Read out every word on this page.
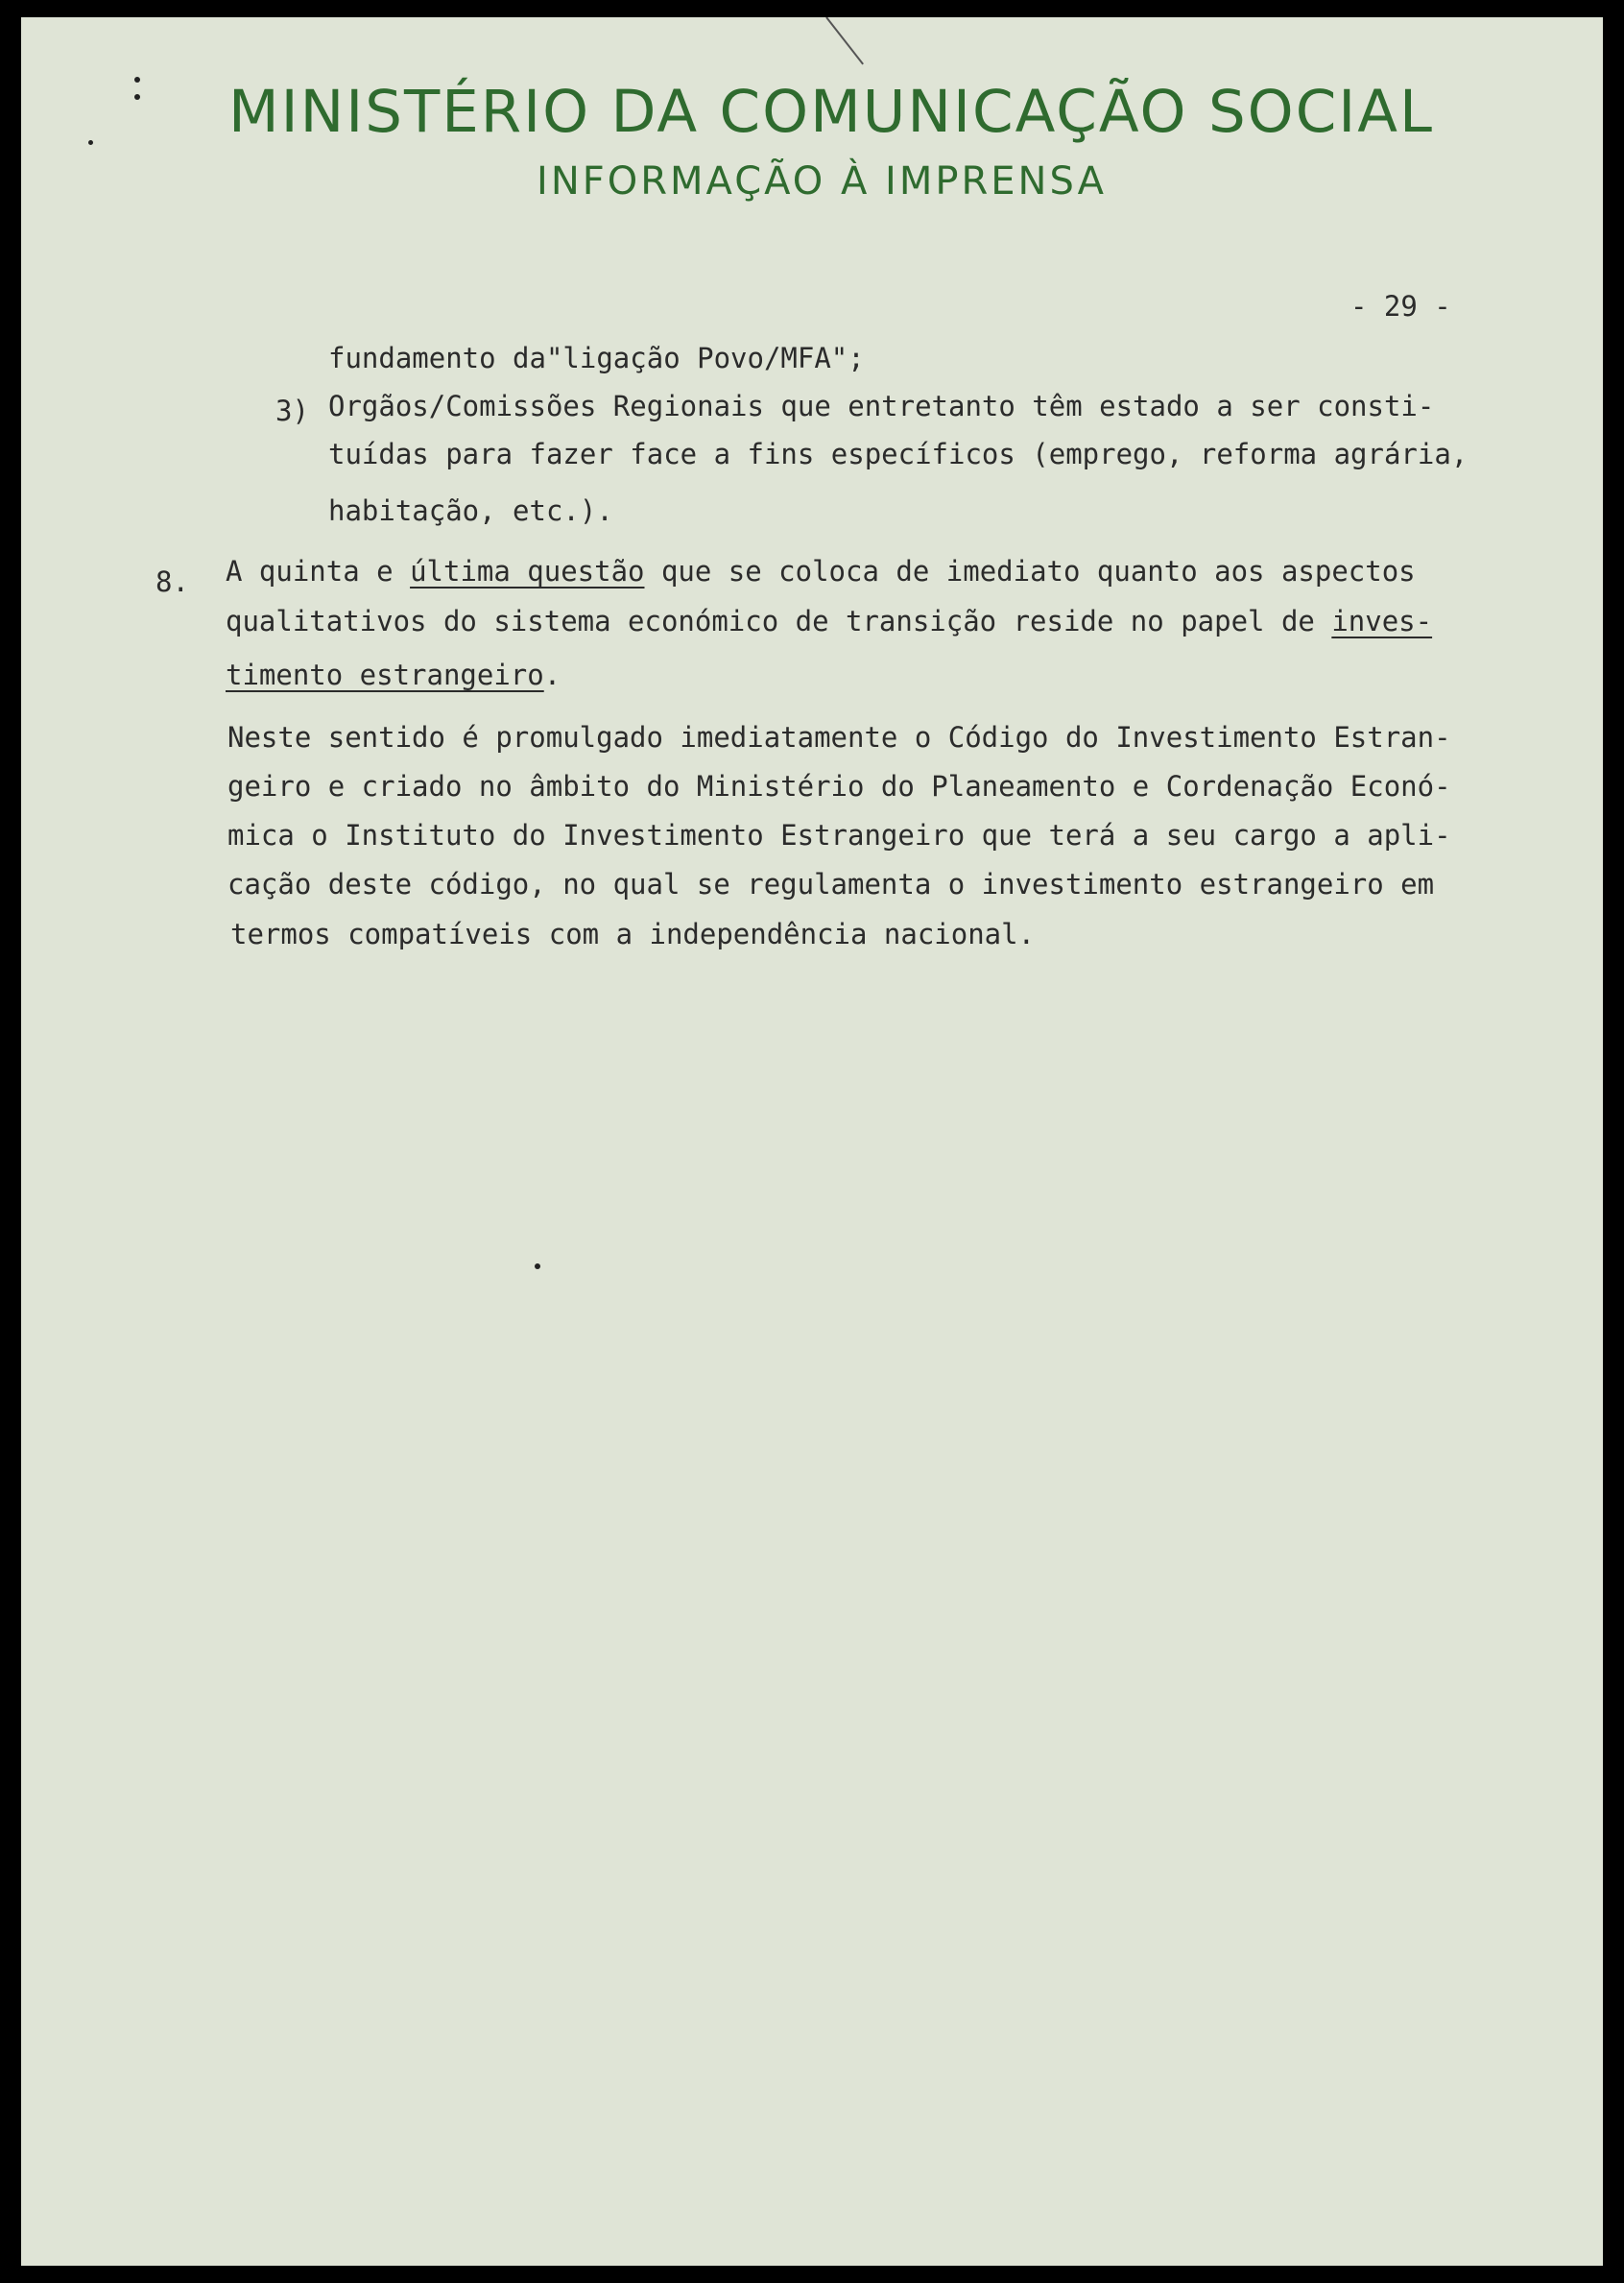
MINISTÉRIO DA COMUNICAÇÃO SOCIAL
INFORMAÇÃO À IMPRENSA
- 29 -
fundamento da"ligação Povo/MFA";
3) Orgãos/Comissões Regionais que entretanto têm estado a ser consti-
tuídas para fazer face a fins específicos (emprego, reforma agrária,
habitação, etc.).
8. A quinta e última questão que se coloca de imediato quanto aos aspectos
qualitativos do sistema económico de transição reside no papel de inves-
timento estrangeiro.
Neste sentido é promulgado imediatamente o Código do Investimento Estran-
geiro e criado no âmbito do Ministério do Planeamento e Cordenação Econó-
mica o Instituto do Investimento Estrangeiro que terá a seu cargo a apli-
cação deste código, no qual se regulamenta o investimento estrangeiro em
termos compatíveis com a independência nacional.
